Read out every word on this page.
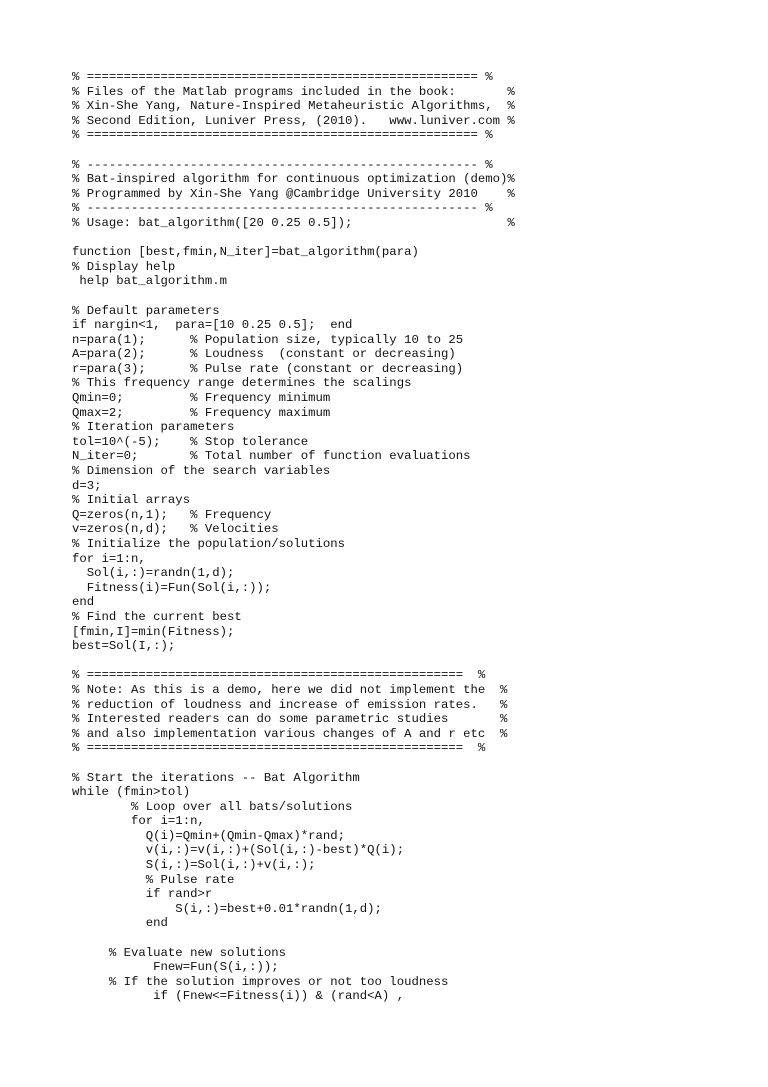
% ===================================================== %
% Files of the Matlab programs included in the book:       %
% Xin-She Yang, Nature-Inspired Metaheuristic Algorithms,  %
% Second Edition, Luniver Press, (2010).   www.luniver.com %
% ===================================================== %
% ----------------------------------------------------- %
% Bat-inspired algorithm for continuous optimization (demo)%
% Programmed by Xin-She Yang @Cambridge University 2010    %
% ----------------------------------------------------- %
% Usage: bat_algorithm([20 0.25 0.5]);                     %
function [best,fmin,N_iter]=bat_algorithm(para)
% Display help
help bat_algorithm.m
% Default parameters
if nargin<1,  para=[10 0.25 0.5];  end
n=para(1);      % Population size, typically 10 to 25
A=para(2);      % Loudness  (constant or decreasing)
r=para(3);      % Pulse rate (constant or decreasing)
% This frequency range determines the scalings
Qmin=0;         % Frequency minimum
Qmax=2;         % Frequency maximum
% Iteration parameters
tol=10^(-5);    % Stop tolerance
N_iter=0;       % Total number of function evaluations
% Dimension of the search variables
d=3;
% Initial arrays
Q=zeros(n,1);   % Frequency
v=zeros(n,d);   % Velocities
% Initialize the population/solutions
for i=1:n,
Sol(i,:)=randn(1,d);
Fitness(i)=Fun(Sol(i,:));
end
% Find the current best
[fmin,I]=min(Fitness);
best=Sol(I,:);
% ===================================================  %
% Note: As this is a demo, here we did not implement the  %
% reduction of loudness and increase of emission rates.   %
% Interested readers can do some parametric studies       %
% and also implementation various changes of A and r etc  %
% ===================================================  %
% Start the iterations -- Bat Algorithm
while (fmin>tol)
% Loop over all bats/solutions
for i=1:n,
Q(i)=Qmin+(Qmin-Qmax)*rand;
v(i,:)=v(i,:)+(Sol(i,:)-best)*Q(i);
S(i,:)=Sol(i,:)+v(i,:);
% Pulse rate
if rand>r
S(i,:)=best+0.01*randn(1,d);
end
% Evaluate new solutions
Fnew=Fun(S(i,:));
% If the solution improves or not too loudness
if (Fnew<=Fitness(i)) & (rand<A) ,
